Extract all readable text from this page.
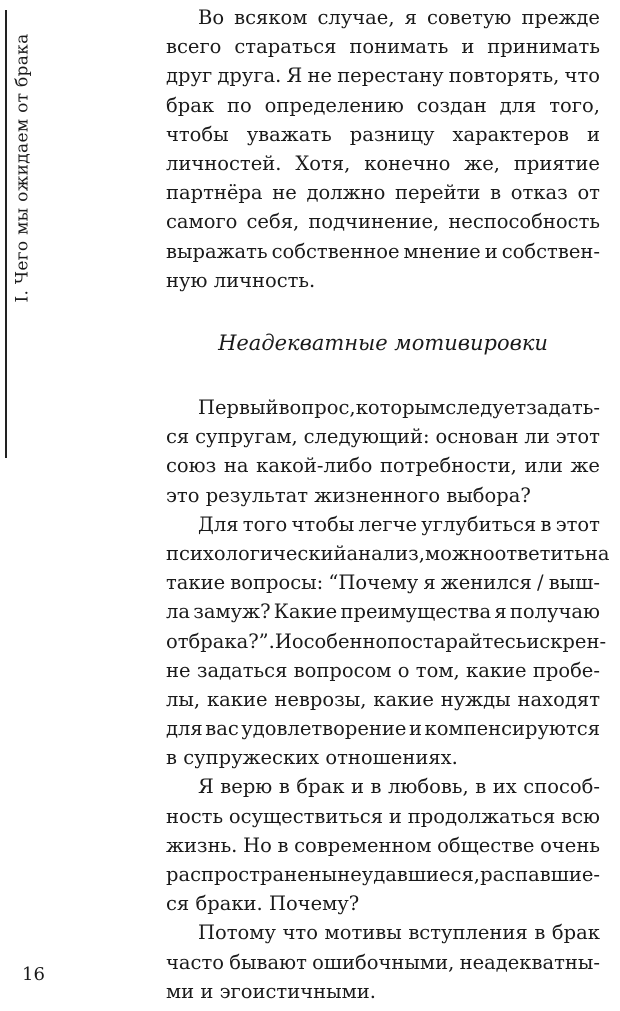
I. Чего мы ожидаем от брака
Во всяком случае, я советую прежде
всего стараться понимать и принимать
друг друга. Я не перестану повторять, что
брак по определению создан для того,
чтобы уважать разницу характеров и
личностей. Хотя, конечно же, приятие
партнёра не должно перейти в отказ от
самого себя, подчинение, неспособность
выражать собственное мнение и собствен-
ную личность.
Неадекватные мотивировки
Первый вопрос, которым следует задать-
ся супругам, следующий: основан ли этот
союз на какой-либо потребности, или же
это результат жизненного выбора?
Для того чтобы легче углубиться в этот
психологический анализ, можно ответить на
такие вопросы: “Почему я женился / выш-
ла замуж? Какие преимущества я получаю
от брака?”. И особенно постарайтесь искрен-
не задаться вопросом о том, какие пробе-
лы, какие неврозы, какие нужды находят
для вас удовлетворение и компенсируются
в супружеских отношениях.
Я верю в брак и в любовь, в их способ-
ность осуществиться и продолжаться всю
жизнь. Но в современном обществе очень
распространены неудавшиеся, распавшие-
ся браки. Почему?
Потому что мотивы вступления в брак
часто бывают ошибочными, неадекватны-
ми и эгоистичными.
16
